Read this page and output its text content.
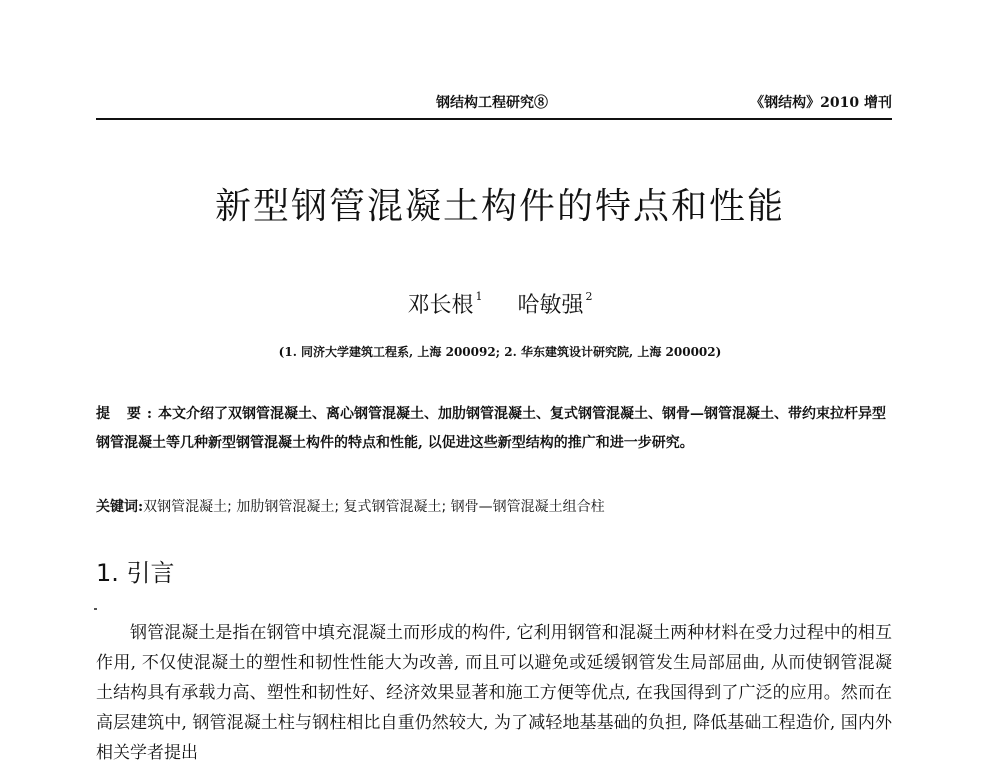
钢结构工程研究⑧	《钢结构》2010 增刊
新型钢管混凝土构件的特点和性能
邓长根 $^1$ 哈敏强 $^2$
(1. 同济大学建筑工程系, 上海 200092; 2. 华东建筑设计研究院, 上海 200002)
提 要:本文介绍了双钢管混凝土、离心钢管混凝土、加肋钢管混凝土、复式钢管混凝土、钢骨—钢管混凝土、带约束拉杆异型钢管混凝土等几种新型钢管混凝土构件的特点和性能, 以促进这些新型结构的推广和进一步研究。
关键词:双钢管混凝土; 加肋钢管混凝土; 复式钢管混凝土; 钢骨—钢管混凝土组合柱
1. 引言
钢管混凝土是指在钢管中填充混凝土而形成的构件, 它利用钢管和混凝土两种材料在受力过程中的相互作用, 不仅使混凝土的塑性和韧性性能大为改善, 而且可以避免或延缓钢管发生局部屈曲, 从而使钢管混凝土结构具有承载力高、塑性和韧性好、经济效果显著和施工方便等优点, 在我国得到了广泛的应用。然而在高层建筑中, 钢管混凝土柱与钢柱相比自重仍然较大, 为了减轻地基基础的负担, 降低基础工程造价, 国内外相关学者提出
